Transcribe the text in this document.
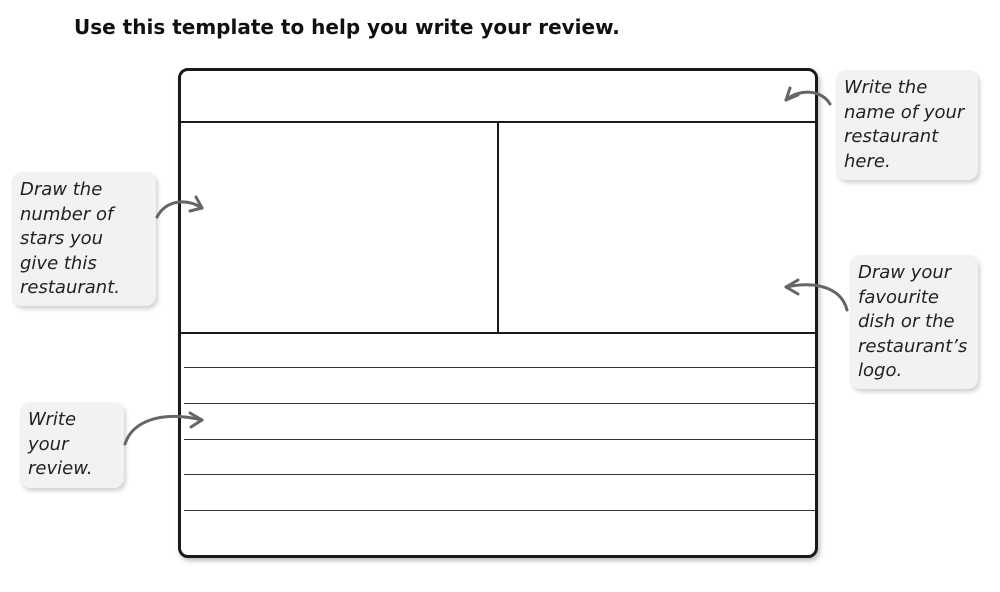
Use this template to help you write your review.
Write the
name of your
restaurant
here.
Draw the
number of
stars you
give this
restaurant.
Draw your
favourite
dish or the
restaurant’s
logo.
Write
your
review.
